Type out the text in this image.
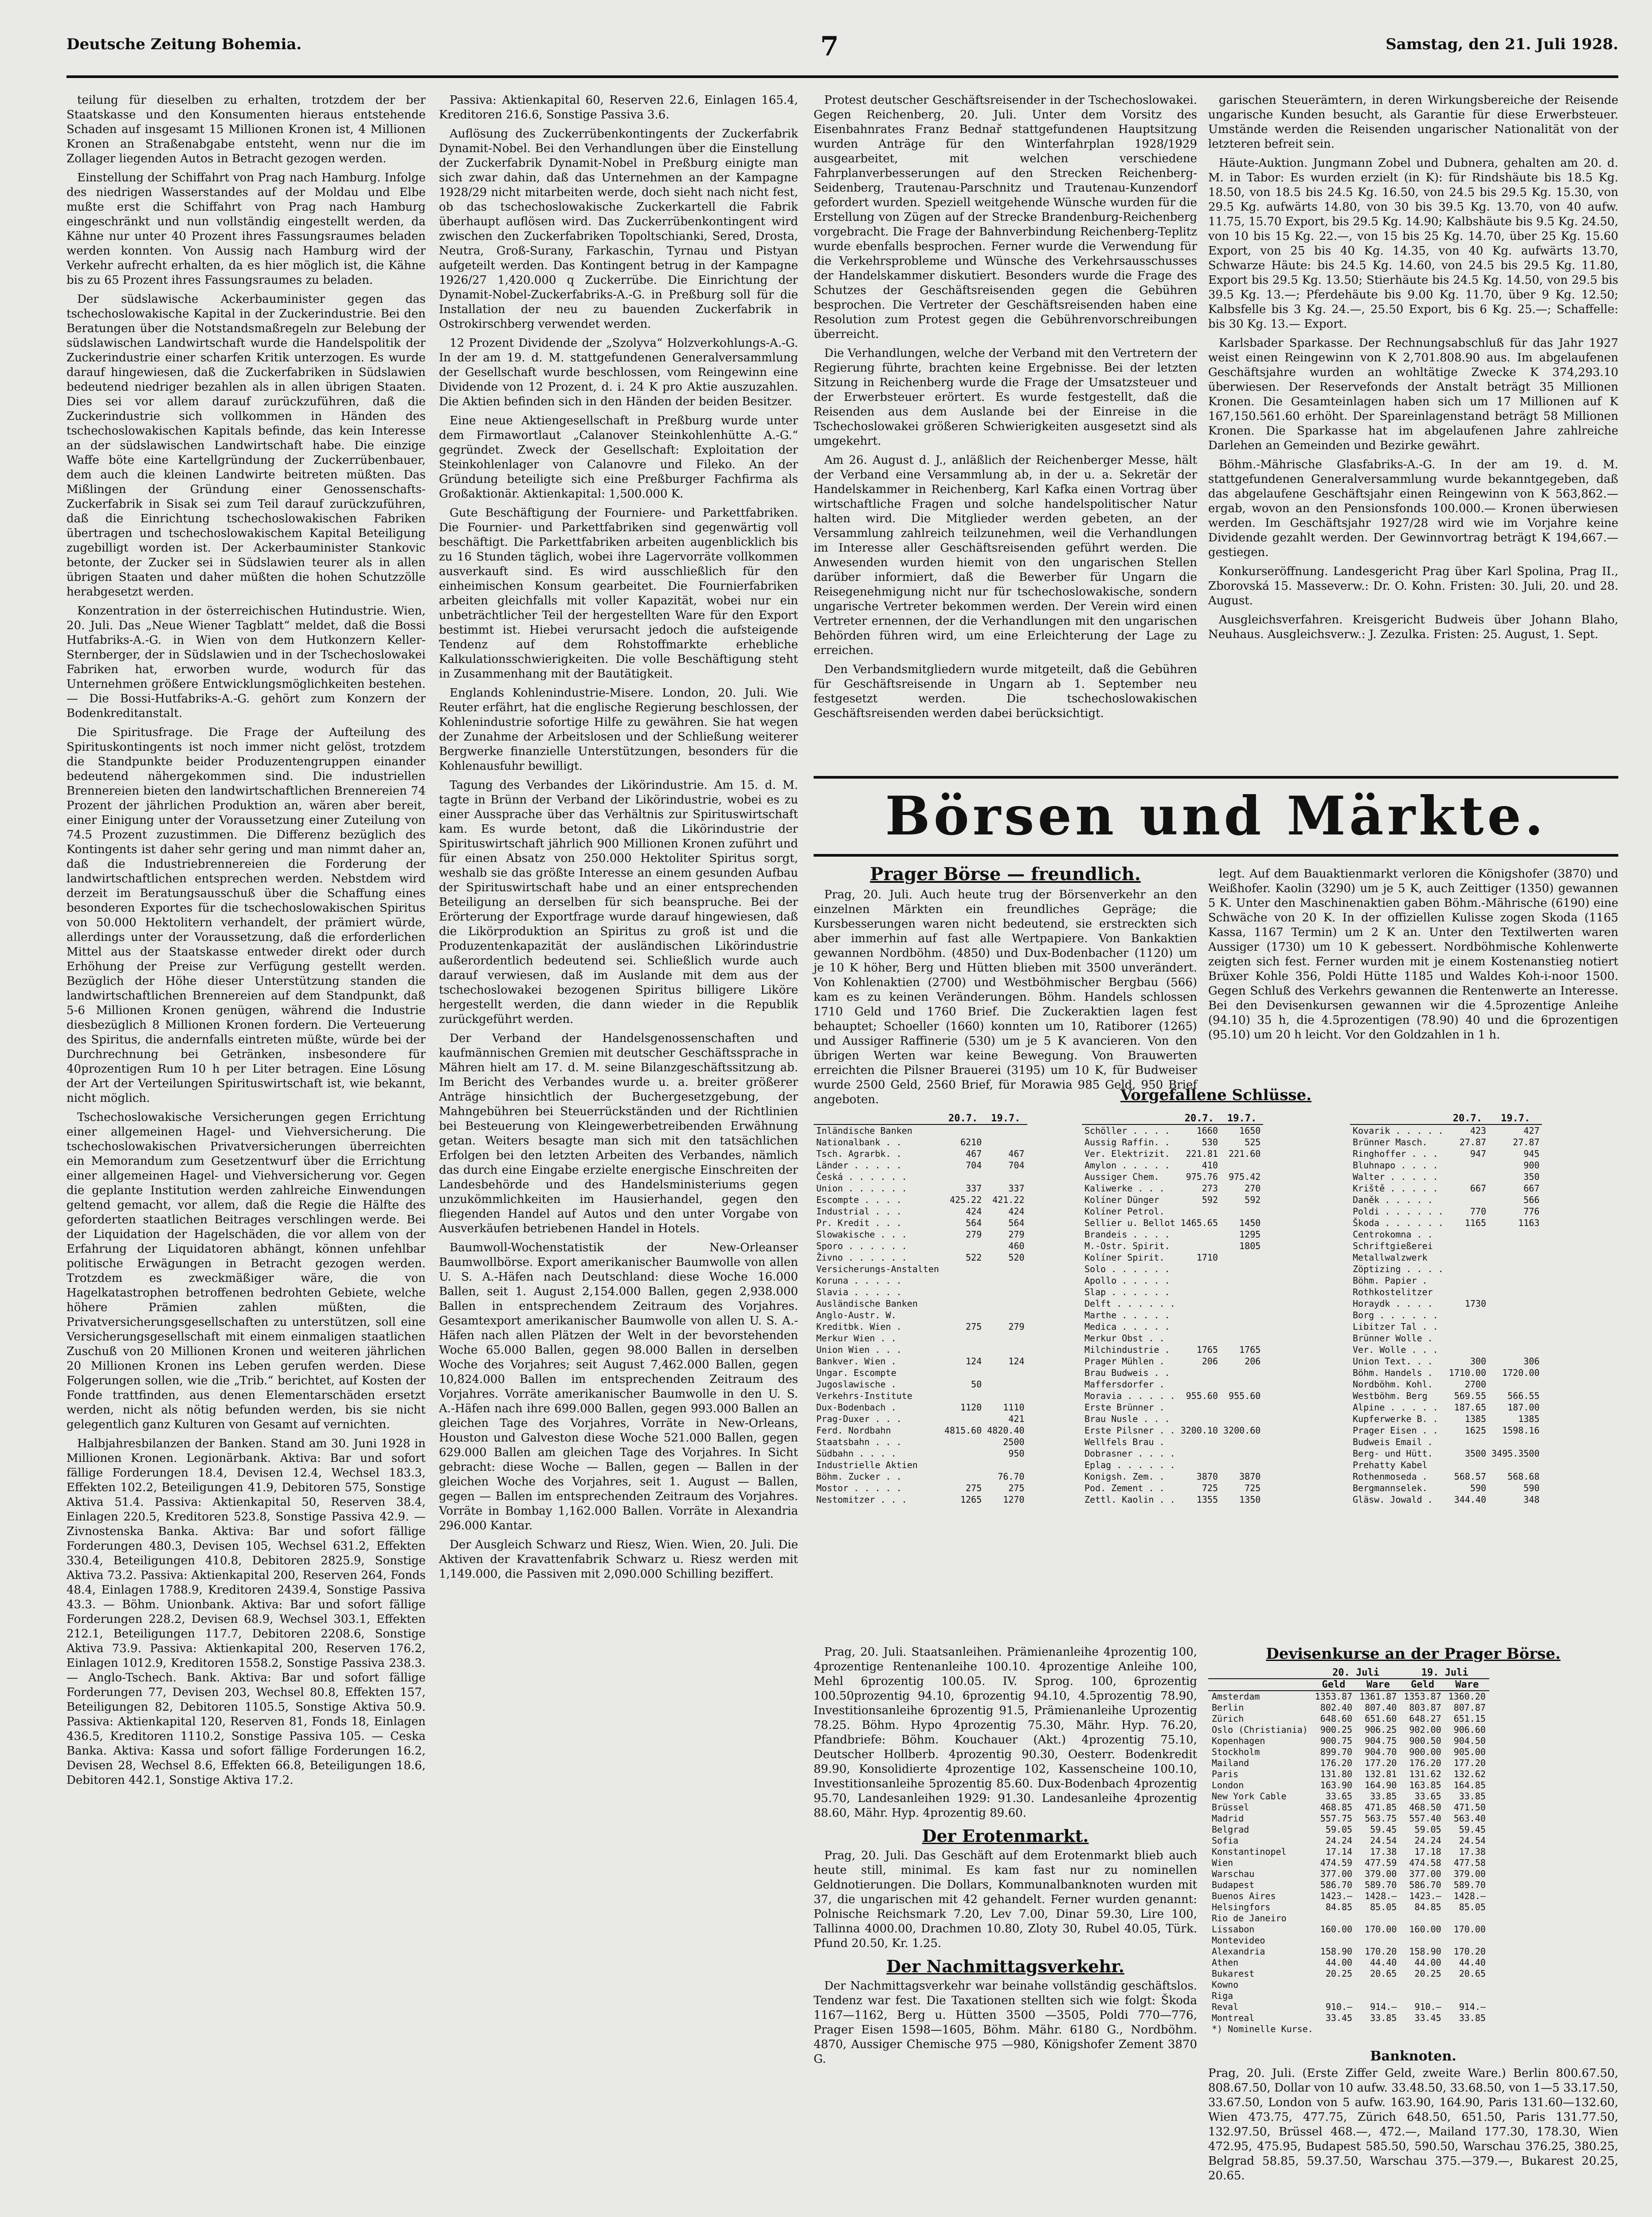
Deutsche Zeitung Bohemia.	7	Samstag, den 21. Juli 1928.

teilung für dieselben zu erhalten, trotzdem der ber Staatskasse und den Konsumenten hieraus entstehende Schaden auf insgesamt 15 Millionen Kronen ist, 4 Millionen Kronen an Straßenabgabe entsteht, wenn nur die im Zollager liegenden Autos in Betracht gezogen werden.

Einstellung der Schiffahrt von Prag nach Hamburg. Infolge des niedrigen Wasserstandes auf der Moldau und Elbe mußte erst die Schiffahrt von Prag nach Hamburg eingeschränkt und nun vollständig eingestellt werden, da Kähne nur unter 40 Prozent ihres Fassungsraumes beladen werden konnten. Von Aussig nach Hamburg wird der Verkehr aufrecht erhalten, da es hier möglich ist, die Kähne bis zu 65 Prozent ihres Fassungsraumes zu beladen.

Der südslawische Ackerbauminister gegen das tschechoslowakische Kapital in der Zuckerindustrie. Bei den Beratungen über die Notstandsmaßregeln zur Belebung der südslawischen Landwirtschaft wurde die Handelspolitik der Zuckerindustrie einer scharfen Kritik unterzogen. Es wurde darauf hingewiesen, daß die Zuckerfabriken in Südslawien bedeutend niedriger bezahlen als in allen übrigen Staaten. Dies sei vor allem darauf zurückzuführen, daß die Zuckerindustrie sich vollkommen in Händen des tschechoslowakischen Kapitals befinde, das kein Interesse an der südslawischen Landwirtschaft habe. Die einzige Waffe böte eine Kartellgründung der Zuckerrübenbauer, dem auch die kleinen Landwirte beitreten müßten. Das Mißlingen der Gründung einer Genossenschafts-Zuckerfabrik in Sisak sei zum Teil darauf zurückzuführen, daß die Einrichtung tschechoslowakischen Fabriken übertragen und tschechoslowakischem Kapital Beteiligung zugebilligt worden ist. Der Ackerbauminister Stankovic betonte, der Zucker sei in Südslawien teurer als in allen übrigen Staaten und daher müßten die hohen Schutzzölle herabgesetzt werden.

Konzentration in der österreichischen Hutindustrie. Wien, 20. Juli. Das „Neue Wiener Tagblatt“ meldet, daß die Bossi Hutfabriks-A.-G. in Wien von dem Hutkonzern Keller-Sternberger, der in Südslawien und in der Tschechoslowakei Fabriken hat, erworben wurde, wodurch für das Unternehmen größere Entwicklungsmöglichkeiten bestehen. — Die Bossi-Hutfabriks-A.-G. gehört zum Konzern der Bodenkreditanstalt.

Die Spiritusfrage. Die Frage der Aufteilung des Spirituskontingents ist noch immer nicht gelöst, trotzdem die Standpunkte beider Produzentengruppen einander bedeutend nähergekommen sind. Die industriellen Brennereien bieten den landwirtschaftlichen Brennereien 74 Prozent der jährlichen Produktion an, wären aber bereit, einer Einigung unter der Voraussetzung einer Zuteilung von 74.5 Prozent zuzustimmen. Die Differenz bezüglich des Kontingents ist daher sehr gering und man nimmt daher an, daß die Industriebrennereien die Forderung der landwirtschaftlichen entsprechen werden. Nebstdem wird derzeit im Beratungsausschuß über die Schaffung eines besonderen Exportes für die tschechoslowakischen Spiritus von 50.000 Hektolitern verhandelt, der prämiert würde, allerdings unter der Voraussetzung, daß die erforderlichen Mittel aus der Staatskasse entweder direkt oder durch Erhöhung der Preise zur Verfügung gestellt werden. Bezüglich der Höhe dieser Unterstützung standen die landwirtschaftlichen Brennereien auf dem Standpunkt, daß 5-6 Millionen Kronen genügen, während die Industrie diesbezüglich 8 Millionen Kronen fordern. Die Verteuerung des Spiritus, die andernfalls eintreten müßte, würde bei der Durchrechnung bei Getränken, insbesondere für 40prozentigen Rum 10 h per Liter betragen. Eine Lösung der Art der Verteilungen Spirituswirtschaft ist, wie bekannt, nicht möglich.

Tschechoslowakische Versicherungen gegen Errichtung einer allgemeinen Hagel- und Viehversicherung. Die tschechoslowakischen Privatversicherungen überreichten ein Memorandum zum Gesetzentwurf über die Errichtung einer allgemeinen Hagel- und Viehversicherung vor. Gegen die geplante Institution werden zahlreiche Einwendungen geltend gemacht, vor allem, daß die Regie die Hälfte des geforderten staatlichen Beitrages verschlingen werde. Bei der Liquidation der Hagelschäden, die vor allem von der Erfahrung der Liquidatoren abhängt, können unfehlbar politische Erwägungen in Betracht gezogen werden. Trotzdem es zweckmäßiger wäre, die von Hagelkatastrophen betroffenen bedrohten Gebiete, welche höhere Prämien zahlen müßten, die Privatversicherungsgesellschaften zu unterstützen, soll eine Versicherungsgesellschaft mit einem einmaligen staatlichen Zuschuß von 20 Millionen Kronen und weiteren jährlichen 20 Millionen Kronen ins Leben gerufen werden. Diese Folgerungen sollen, wie die „Trib.“ berichtet, auf Kosten der Fonde trattfinden, aus denen Elementarschäden ersetzt werden, nicht als nötig befunden werden, bis sie nicht gelegentlich ganz Kulturen von Gesamt auf vernichten.

Halbjahresbilanzen der Banken. Stand am 30. Juni 1928 in Millionen Kronen. Legionärbank. Aktiva: Bar und sofort fällige Forderungen 18.4, Devisen 12.4, Wechsel 183.3, Effekten 102.2, Beteiligungen 41.9, Debitoren 575, Sonstige Aktiva 51.4. Passiva: Aktienkapital 50, Reserven 38.4, Einlagen 220.5, Kreditoren 523.8, Sonstige Passiva 42.9. — Zivnostenska Banka. Aktiva: Bar und sofort fällige Forderungen 480.3, Devisen 105, Wechsel 631.2, Effekten 330.4, Beteiligungen 410.8, Debitoren 2825.9, Sonstige Aktiva 73.2. Passiva: Aktienkapital 200, Reserven 264, Fonds 48.4, Einlagen 1788.9, Kreditoren 2439.4, Sonstige Passiva 43.3. — Böhm. Unionbank. Aktiva: Bar und sofort fällige Forderungen 228.2, Devisen 68.9, Wechsel 303.1, Effekten 212.1, Beteiligungen 117.7, Debitoren 2208.6, Sonstige Aktiva 73.9. Passiva: Aktienkapital 200, Reserven 176.2, Einlagen 1012.9, Kreditoren 1558.2, Sonstige Passiva 238.3. — Anglo-Tschech. Bank. Aktiva: Bar und sofort fällige Forderungen 77, Devisen 203, Wechsel 80.8, Effekten 157, Beteiligungen 82, Debitoren 1105.5, Sonstige Aktiva 50.9. Passiva: Aktienkapital 120, Reserven 81, Fonds 18, Einlagen 436.5, Kreditoren 1110.2, Sonstige Passiva 105. — Ceska Banka. Aktiva: Kassa und sofort fällige Forderungen 16.2, Devisen 28, Wechsel 8.6, Effekten 66.8, Beteiligungen 18.6, Debitoren 442.1, Sonstige Aktiva 17.2.

Passiva: Aktienkapital 60, Reserven 22.6, Einlagen 165.4, Kreditoren 216.6, Sonstige Passiva 3.6.

Auflösung des Zuckerrübenkontingents der Zuckerfabrik Dynamit-Nobel. Bei den Verhandlungen über die Einstellung der Zuckerfabrik Dynamit-Nobel in Preßburg einigte man sich zwar dahin, daß das Unternehmen an der Kampagne 1928/29 nicht mitarbeiten werde, doch sieht nach nicht fest, ob das tschechoslowakische Zuckerkartell die Fabrik überhaupt auflösen wird. Das Zuckerrübenkontingent wird zwischen den Zuckerfabriken Topoltschianki, Sered, Drosta, Neutra, Groß-Surany, Farkaschin, Tyrnau und Pistyan aufgeteilt werden. Das Kontingent betrug in der Kampagne 1926/27 1,420.000 q Zuckerrübe. Die Einrichtung der Dynamit-Nobel-Zuckerfabriks-A.-G. in Preßburg soll für die Installation der neu zu bauenden Zuckerfabrik in Ostrokirschberg verwendet werden.

12 Prozent Dividende der „Szolyva“ Holzverkohlungs-A.-G. In der am 19. d. M. stattgefundenen Generalversammlung der Gesellschaft wurde beschlossen, vom Reingewinn eine Dividende von 12 Prozent, d. i. 24 K pro Aktie auszuzahlen. Die Aktien befinden sich in den Händen der beiden Besitzer.

Eine neue Aktiengesellschaft in Preßburg wurde unter dem Firmawortlaut „Calanover Steinkohlenhütte A.-G.“ gegründet. Zweck der Gesellschaft: Exploitation der Steinkohlenlager von Calanovre und Fileko. An der Gründung beteiligte sich eine Preßburger Fachfirma als Großaktionär. Aktienkapital: 1,500.000 K.

Gute Beschäftigung der Fourniere- und Parkettfabriken. Die Fournier- und Parkettfabriken sind gegenwärtig voll beschäftigt. Die Parkettfabriken arbeiten augenblicklich bis zu 16 Stunden täglich, wobei ihre Lagervorräte vollkommen ausverkauft sind. Es wird ausschließlich für den einheimischen Konsum gearbeitet. Die Fournierfabriken arbeiten gleichfalls mit voller Kapazität, wobei nur ein unbeträchtlicher Teil der hergestellten Ware für den Export bestimmt ist. Hiebei verursacht jedoch die aufsteigende Tendenz auf dem Rohstoffmarkte erhebliche Kalkulationsschwierigkeiten. Die volle Beschäftigung steht in Zusammenhang mit der Bautätigkeit.

Englands Kohlenindustrie-Misere. London, 20. Juli. Wie Reuter erfährt, hat die englische Regierung beschlossen, der Kohlenindustrie sofortige Hilfe zu gewähren. Sie hat wegen der Zunahme der Arbeitslosen und der Schließung weiterer Bergwerke finanzielle Unterstützungen, besonders für die Kohlenausfuhr bewilligt.

Tagung des Verbandes der Likörindustrie. Am 15. d. M. tagte in Brünn der Verband der Likörindustrie, wobei es zu einer Aussprache über das Verhältnis zur Spirituswirtschaft kam. Es wurde betont, daß die Likörindustrie der Spirituswirtschaft jährlich 900 Millionen Kronen zuführt und für einen Absatz von 250.000 Hektoliter Spiritus sorgt, weshalb sie das größte Interesse an einem gesunden Aufbau der Spirituswirtschaft habe und an einer entsprechenden Beteiligung an derselben für sich beanspruche. Bei der Erörterung der Exportfrage wurde darauf hingewiesen, daß die Likörproduktion an Spiritus zu groß ist und die Produzentenkapazität der ausländischen Likörindustrie außerordentlich bedeutend sei. Schließlich wurde auch darauf verwiesen, daß im Auslande mit dem aus der tschechoslowakei bezogenen Spiritus billigere Liköre hergestellt werden, die dann wieder in die Republik zurückgeführt werden.

Der Verband der Handelsgenossenschaften und kaufmännischen Gremien mit deutscher Geschäftssprache in Mähren hielt am 17. d. M. seine Bilanzgeschäftssitzung ab. Im Bericht des Verbandes wurde u. a. breiter größerer Anträge hinsichtlich der Buchergesetzgebung, der Mahngebühren bei Steuerrückständen und der Richtlinien bei Besteuerung von Kleingewerbetreibenden Erwähnung getan. Weiters besagte man sich mit den tatsächlichen Erfolgen bei den letzten Arbeiten des Verbandes, nämlich das durch eine Eingabe erzielte energische Einschreiten der Landesbehörde und des Handelsministeriums gegen unzukömmlichkeiten im Hausierhandel, gegen den fliegenden Handel auf Autos und den unter Vorgabe von Ausverkäufen betriebenen Handel in Hotels.

Baumwoll-Wochenstatistik der New-Orleanser Baumwollbörse. Export amerikanischer Baumwolle von allen U. S. A.-Häfen nach Deutschland: diese Woche 16.000 Ballen, seit 1. August 2,154.000 Ballen, gegen 2,938.000 Ballen in entsprechendem Zeitraum des Vorjahres. Gesamtexport amerikanischer Baumwolle von allen U. S. A.-Häfen nach allen Plätzen der Welt in der bevorstehenden Woche 65.000 Ballen, gegen 98.000 Ballen in derselben Woche des Vorjahres; seit August 7,462.000 Ballen, gegen 10,824.000 Ballen im entsprechenden Zeitraum des Vorjahres. Vorräte amerikanischer Baumwolle in den U. S. A.-Häfen nach ihre 699.000 Ballen, gegen 993.000 Ballen an gleichen Tage des Vorjahres, Vorräte in New-Orleans, Houston und Galveston diese Woche 521.000 Ballen, gegen 629.000 Ballen am gleichen Tage des Vorjahres. In Sicht gebracht: diese Woche — Ballen, gegen — Ballen in der gleichen Woche des Vorjahres, seit 1. August — Ballen, gegen — Ballen im entsprechenden Zeitraum des Vorjahres. Vorräte in Bombay 1,162.000 Ballen. Vorräte in Alexandria 296.000 Kantar.

Der Ausgleich Schwarz und Riesz, Wien. Wien, 20. Juli. Die Aktiven der Kravattenfabrik Schwarz u. Riesz werden mit 1,149.000, die Passiven mit 2,090.000 Schilling beziffert.

Protest deutscher Geschäftsreisender in der Tschechoslowakei. Gegen Reichenberg, 20. Juli. Unter dem Vorsitz des Eisenbahnrates Franz Bednař stattgefundenen Hauptsitzung wurden Anträge für den Winterfahrplan 1928/1929 ausgearbeitet, mit welchen verschiedene Fahrplanverbesserungen auf den Strecken Reichenberg-Seidenberg, Trautenau-Parschnitz und Trautenau-Kunzendorf gefordert wurden. Speziell weitgehende Wünsche wurden für die Erstellung von Zügen auf der Strecke Brandenburg-Reichenberg vorgebracht. Die Frage der Bahnverbindung Reichenberg-Teplitz wurde ebenfalls besprochen. Ferner wurde die Verwendung für die Verkehrsprobleme und Wünsche des Verkehrsausschusses der Handelskammer diskutiert. Besonders wurde die Frage des Schutzes der Geschäftsreisenden gegen die Gebühren besprochen. Die Vertreter der Geschäftsreisenden haben eine Resolution zum Protest gegen die Gebührenvorschreibungen überreicht.

Die Verhandlungen, welche der Verband mit den Vertretern der Regierung führte, brachten keine Ergebnisse. Bei der letzten Sitzung in Reichenberg wurde die Frage der Umsatzsteuer und der Erwerbsteuer erörtert. Es wurde festgestellt, daß die Reisenden aus dem Auslande bei der Einreise in die Tschechoslowakei größeren Schwierigkeiten ausgesetzt sind als umgekehrt.

Am 26. August d. J., anläßlich der Reichenberger Messe, hält der Verband eine Versammlung ab, in der u. a. Sekretär der Handelskammer in Reichenberg, Karl Kafka einen Vortrag über wirtschaftliche Fragen und solche handelspolitischer Natur halten wird. Die Mitglieder werden gebeten, an der Versammlung zahlreich teilzunehmen, weil die Verhandlungen im Interesse aller Geschäftsreisenden geführt werden. Die Anwesenden wurden hiemit von den ungarischen Stellen darüber informiert, daß die Bewerber für Ungarn die Reisegenehmigung nicht nur für tschechoslowakische, sondern ungarische Vertreter bekommen werden. Der Verein wird einen Vertreter ernennen, der die Verhandlungen mit den ungarischen Behörden führen wird, um eine Erleichterung der Lage zu erreichen.

Den Verbandsmitgliedern wurde mitgeteilt, daß die Gebühren für Geschäftsreisende in Ungarn ab 1. September neu festgesetzt werden. Die tschechoslowakischen Geschäftsreisenden werden dabei berücksichtigt.

garischen Steuerämtern, in deren Wirkungsbereiche der Reisende ungarische Kunden besucht, als Garantie für diese Erwerbsteuer. Umstände werden die Reisenden ungarischer Nationalität von der letzteren befreit sein.

Häute-Auktion. Jungmann Zobel und Dubnera, gehalten am 20. d. M. in Tabor: Es wurden erzielt (in K): für Rindshäute bis 18.5 Kg. 18.50, von 18.5 bis 24.5 Kg. 16.50, von 24.5 bis 29.5 Kg. 15.30, von 29.5 Kg. aufwärts 14.80, von 30 bis 39.5 Kg. 13.70, von 40 aufw. 11.75, 15.70 Export, bis 29.5 Kg. 14.90; Kalbshäute bis 9.5 Kg. 24.50, von 10 bis 15 Kg. 22.—, von 15 bis 25 Kg. 14.70, über 25 Kg. 15.60 Export, von 25 bis 40 Kg. 14.35, von 40 Kg. aufwärts 13.70, Schwarze Häute: bis 24.5 Kg. 14.60, von 24.5 bis 29.5 Kg. 11.80, Export bis 29.5 Kg. 13.50; Stierhäute bis 24.5 Kg. 14.50, von 29.5 bis 39.5 Kg. 13.—; Pferdehäute bis 9.00 Kg. 11.70, über 9 Kg. 12.50; Kalbsfelle bis 3 Kg. 24.—, 25.50 Export, bis 6 Kg. 25.—; Schaffelle: bis 30 Kg. 13.— Export.

Karlsbader Sparkasse. Der Rechnungsabschluß für das Jahr 1927 weist einen Reingewinn von K 2,701.808.90 aus. Im abgelaufenen Geschäftsjahre wurden an wohltätige Zwecke K 374,293.10 überwiesen. Der Reservefonds der Anstalt beträgt 35 Millionen Kronen. Die Gesamteinlagen haben sich um 17 Millionen auf K 167,150.561.60 erhöht. Der Spareinlagenstand beträgt 58 Millionen Kronen. Die Sparkasse hat im abgelaufenen Jahre zahlreiche Darlehen an Gemeinden und Bezirke gewährt.

Böhm.-Mährische Glasfabriks-A.-G. In der am 19. d. M. stattgefundenen Generalversammlung wurde bekanntgegeben, daß das abgelaufene Geschäftsjahr einen Reingewinn von K 563,862.— ergab, wovon an den Pensionsfonds 100.000.— Kronen überwiesen werden. Im Geschäftsjahr 1927/28 wird wie im Vorjahre keine Dividende gezahlt werden. Der Gewinnvortrag beträgt K 194,667.— gestiegen.

Konkurseröffnung. Landesgericht Prag über Karl Spolina, Prag II., Zborovská 15. Masseverw.: Dr. O. Kohn. Fristen: 30. Juli, 20. und 28. August.

Ausgleichsverfahren. Kreisgericht Budweis über Johann Blaho, Neuhaus. Ausgleichsverw.: J. Zezulka. Fristen: 25. August, 1. Sept.

Börsen und Märkte.
Prager Börse — freundlich.

Prag, 20. Juli. Auch heute trug der Börsenverkehr an den einzelnen Märkten ein freundliches Gepräge; die Kursbesserungen waren nicht bedeutend, sie erstreckten sich aber immerhin auf fast alle Wertpapiere. Von Bankaktien gewannen Nordböhm. (4850) und Dux-Bodenbacher (1120) um je 10 K höher, Berg und Hütten blieben mit 3500 unverändert. Von Kohlenaktien (2700) und Westböhmischer Bergbau (566) kam es zu keinen Veränderungen. Böhm. Handels schlossen 1710 Geld und 1760 Brief. Die Zuckeraktien lagen fest behauptet; Schoeller (1660) konnten um 10, Ratiborer (1265) und Aussiger Raffinerie (530) um je 5 K avancieren. Von den übrigen Werten war keine Bewegung. Von Brauwerten erreichten die Pilsner Brauerei (3195) um 10 K, für Budweiser wurde 2500 Geld, 2560 Brief, für Morawia 985 Geld, 950 Brief angeboten.

legt. Auf dem Bauaktienmarkt verloren die Königshofer (3870) und Weißhofer. Kaolin (3290) um je 5 K, auch Zeittiger (1350) gewannen 5 K. Unter den Maschinenaktien gaben Böhm.-Mährische (6190) eine Schwäche von 20 K. In der offiziellen Kulisse zogen Skoda (1165 Kassa, 1167 Termin) um 2 K an. Unter den Textilwerten waren Aussiger (1730) um 10 K gebessert. Nordböhmische Kohlenwerte zeigten sich fest. Ferner wurden mit je einem Kostenanstieg notiert Brüxer Kohle 356, Poldi Hütte 1185 und Waldes Koh-i-noor 1500. Gegen Schluß des Verkehrs gewannen die Rentenwerte an Interesse. Bei den Devisenkursen gewannen wir die 4.5prozentige Anleihe (94.10) 35 h, die 4.5prozentigen (78.90) 40 und die 6prozentigen (95.10) um 20 h leicht. Vor den Goldzahlen in 1 h.

Vorgefallene Schlüsse.
	20.7.	19.7.
Inländische Banken		
Nationalbank . .	6210	
Tsch. Agrarbk. .	467	467
Länder . . . . .	704	704
Česká . . . . . .		
Union . . . . . .	337	337
Escompte . . . .	425.22	421.22
Industrial . . .	424	424
Pr. Kredit . . .	564	564
Slowakische . . .	279	279
Sporo . . . . . .		460
Živno . . . . . .	522	520
Versicherungs-Anstalten		
Koruna . . . . .		
Slavia . . . . .		
Ausländische Banken		
Anglo-Austr. W.		
Kreditbk. Wien .	275	279
Merkur Wien . .		
Union Wien . . .		
Bankver. Wien .	124	124
Ungar. Escompte		
Jugoslawische .	50	
Verkehrs-Institute		
Dux-Bodenbach .	1120	1110
Prag-Duxer . . .		421
Ferd. Nordbahn	4815.60	4820.40
Staatsbahn . . .		2500
Südbahn . . . .		950
Industrielle Aktien		
Böhm. Zucker . .		76.70
Mostor . . . . .	275	275
Nestomitzer . . .	1265	1270
	20.7.	19.7.
Schöller . . . .	1660	1650
Aussig Raffin. .	530	525
Ver. Elektrizit.	221.81	221.60
Amylon . . . . .	410	
Aussiger Chem.	975.76	975.42
Kaliwerke . . .	273	270
Kolíner Dünger	592	592
Kolíner Petrol.		
Sellier u. Bellot	1465.65	1450
Brandeis . . . .		1295
M.-Ostr. Spirit.		1805
Kolíner Spirit.	1710	
Solo . . . . . .		
Apollo . . . . .		
Slap . . . . . .		
Delft . . . . . .		
Marthe . . . . .		
Medica . . . . .		
Merkur Obst . .		
Milchindustrie .	1765	1765
Prager Mühlen .	206	206
Brau Budweis . .		
Maffersdorfer .		
Moravia . . . . .	955.60	955.60
Erste Brünner .		
Brau Nusle . . .		
Erste Pilsner . .	3200.10	3200.60
Wellfels Brau .		
Dobrasner . . . .		
Eplag . . . . . .		
Konigsh. Zem. .	3870	3870
Pod. Zement . .	725	725
Zettl. Kaolin . .	1355	1350
	20.7.	19.7.
Kovarik . . . . .	423	427
Brünner Masch.	27.87	27.87
Ringhoffer . . .	947	945
Bluhnapo . . . .		900
Walter . . . . .		350
Kriště . . . . .	667	667
Daněk . . . . .		566
Poldi . . . . . .	770	776
Škoda . . . . . .	1165	1163
Centrokomna . .		
Schriftgießerei		
Metallwalzwerk		
Zöptizing . . . .		
Böhm. Papier .		
Rothkostelitzer		
Horaydk . . . .	1730	
Borg . . . . . .		
Libitzer Tal . .		
Brünner Wolle .		
Ver. Wolle . . .		
Union Text. . .	300	306
Böhm. Handels .	1710.00	1720.00
Nordböhm. Kohl.	2700	
Westböhm. Berg	569.55	566.55
Alpine . . . . .	187.65	187.00
Kupferwerke B. .	1385	1385
Prager Eisen . .	1625	1598.16
Budweis Email .		
Berg- und Hütt.	3500	3495.3500
Prehatty Kabel		
Rothenmoseda .	568.57	568.68
Bergmannselek.	590	590
Gläsw. Jowald .	344.40	348

Prag, 20. Juli. Staatsanleihen. Prämienanleihe 4prozentig 100, 4prozentige Rentenanleihe 100.10. 4prozentige Anleihe 100, Mehl 6prozentig 100.05. IV. Sprog. 100, 6prozentig 100.50prozentig 94.10, 6prozentig 94.10, 4.5prozentig 78.90, Investitionsanleihe 6prozentig 91.5, Prämienanleihe Uprozentig 78.25. Böhm. Hypo 4prozentig 75.30, Mähr. Hyp. 76.20, Pfandbriefe: Böhm. Kouchauer (Akt.) 4prozentig 75.10, Deutscher Hollberb. 4prozentig 90.30, Oesterr. Bodenkredit 89.90, Konsolidierte 4prozentige 102, Kassenscheine 100.10, Investitionsanleihe 5prozentig 85.60. Dux-Bodenbach 4prozentig 95.70, Landesanleihen 1929: 91.30. Landesanleihe 4prozentig 88.60, Mähr. Hyp. 4prozentig 89.60.

Der Erotenmarkt.

Prag, 20. Juli. Das Geschäft auf dem Erotenmarkt blieb auch heute still, minimal. Es kam fast nur zu nominellen Geldnotierungen. Die Dollars, Kommunalbanknoten wurden mit 37, die ungarischen mit 42 gehandelt. Ferner wurden genannt: Polnische Reichsmark 7.20, Lev 7.00, Dinar 59.30, Lire 100, Tallinna 4000.00, Drachmen 10.80, Zloty 30, Rubel 40.05, Türk. Pfund 20.50, Kr. 1.25.

Der Nachmittagsverkehr.

Der Nachmittagsverkehr war beinahe vollständig geschäftslos. Tendenz war fest. Die Taxationen stellten sich wie folgt: Škoda 1167—1162, Berg u. Hütten 3500 —3505, Poldi 770—776, Prager Eisen 1598—1605, Böhm. Mähr. 6180 G., Nordböhm. 4870, Aussiger Chemische 975 —980, Königshofer Zement 3870 G.

Devisenkurse an der Prager Börse.
	20. Juli		19. Juli	
	Geld	Ware	Geld	Ware
Amsterdam	1353.87	1361.87	1353.87	1360.20
Berlin	802.40	807.40	803.87	807.87
Zürich	648.60	651.60	648.27	651.15
Oslo (Christiania)	900.25	906.25	902.00	906.60
Kopenhagen	900.75	904.75	900.50	904.50
Stockholm	899.70	904.70	900.00	905.00
Mailand	176.20	177.20	176.20	177.20
Paris	131.80	132.81	131.62	132.62
London	163.90	164.90	163.85	164.85
New York Cable	33.65	33.85	33.65	33.85
Brüssel	468.85	471.85	468.50	471.50
Madrid	557.75	563.75	557.40	563.40
Belgrad	59.05	59.45	59.05	59.45
Sofia	24.24	24.54	24.24	24.54
Konstantinopel	17.14	17.38	17.18	17.38
Wien	474.59	477.59	474.58	477.58
Warschau	377.00	379.00	377.00	379.00
Budapest	586.70	589.70	586.70	589.70
Buenos Aires	1423.—	1428.—	1423.—	1428.—
Helsingfors	84.85	85.05	84.85	85.05
Rio de Janeiro				
Lissabon	160.00	170.00	160.00	170.00
Montevideo				
Alexandria	158.90	170.20	158.90	170.20
Athen	44.00	44.40	44.00	44.40
Bukarest	20.25	20.65	20.25	20.65
Kowno				
Riga				
Reval	910.—	914.—	910.—	914.—
Montreal	33.45	33.85	33.45	33.85
*) Nominelle Kurse.				
Banknoten.
Prag, 20. Juli. (Erste Ziffer Geld, zweite Ware.) Berlin 800.67.50, 808.67.50, Dollar von 10 aufw. 33.48.50, 33.68.50, von 1—5 33.17.50, 33.67.50, London von 5 aufw. 163.90, 164.90, Paris 131.60—132.60, Wien 473.75, 477.75, Zürich 648.50, 651.50, Paris 131.77.50, 132.97.50, Brüssel 468.—, 472.—, Mailand 177.30, 178.30, Wien 472.95, 475.95, Budapest 585.50, 590.50, Warschau 376.25, 380.25, Belgrad 58.85, 59.37.50, Warschau 375.—379.—, Bukarest 20.25, 20.65.
